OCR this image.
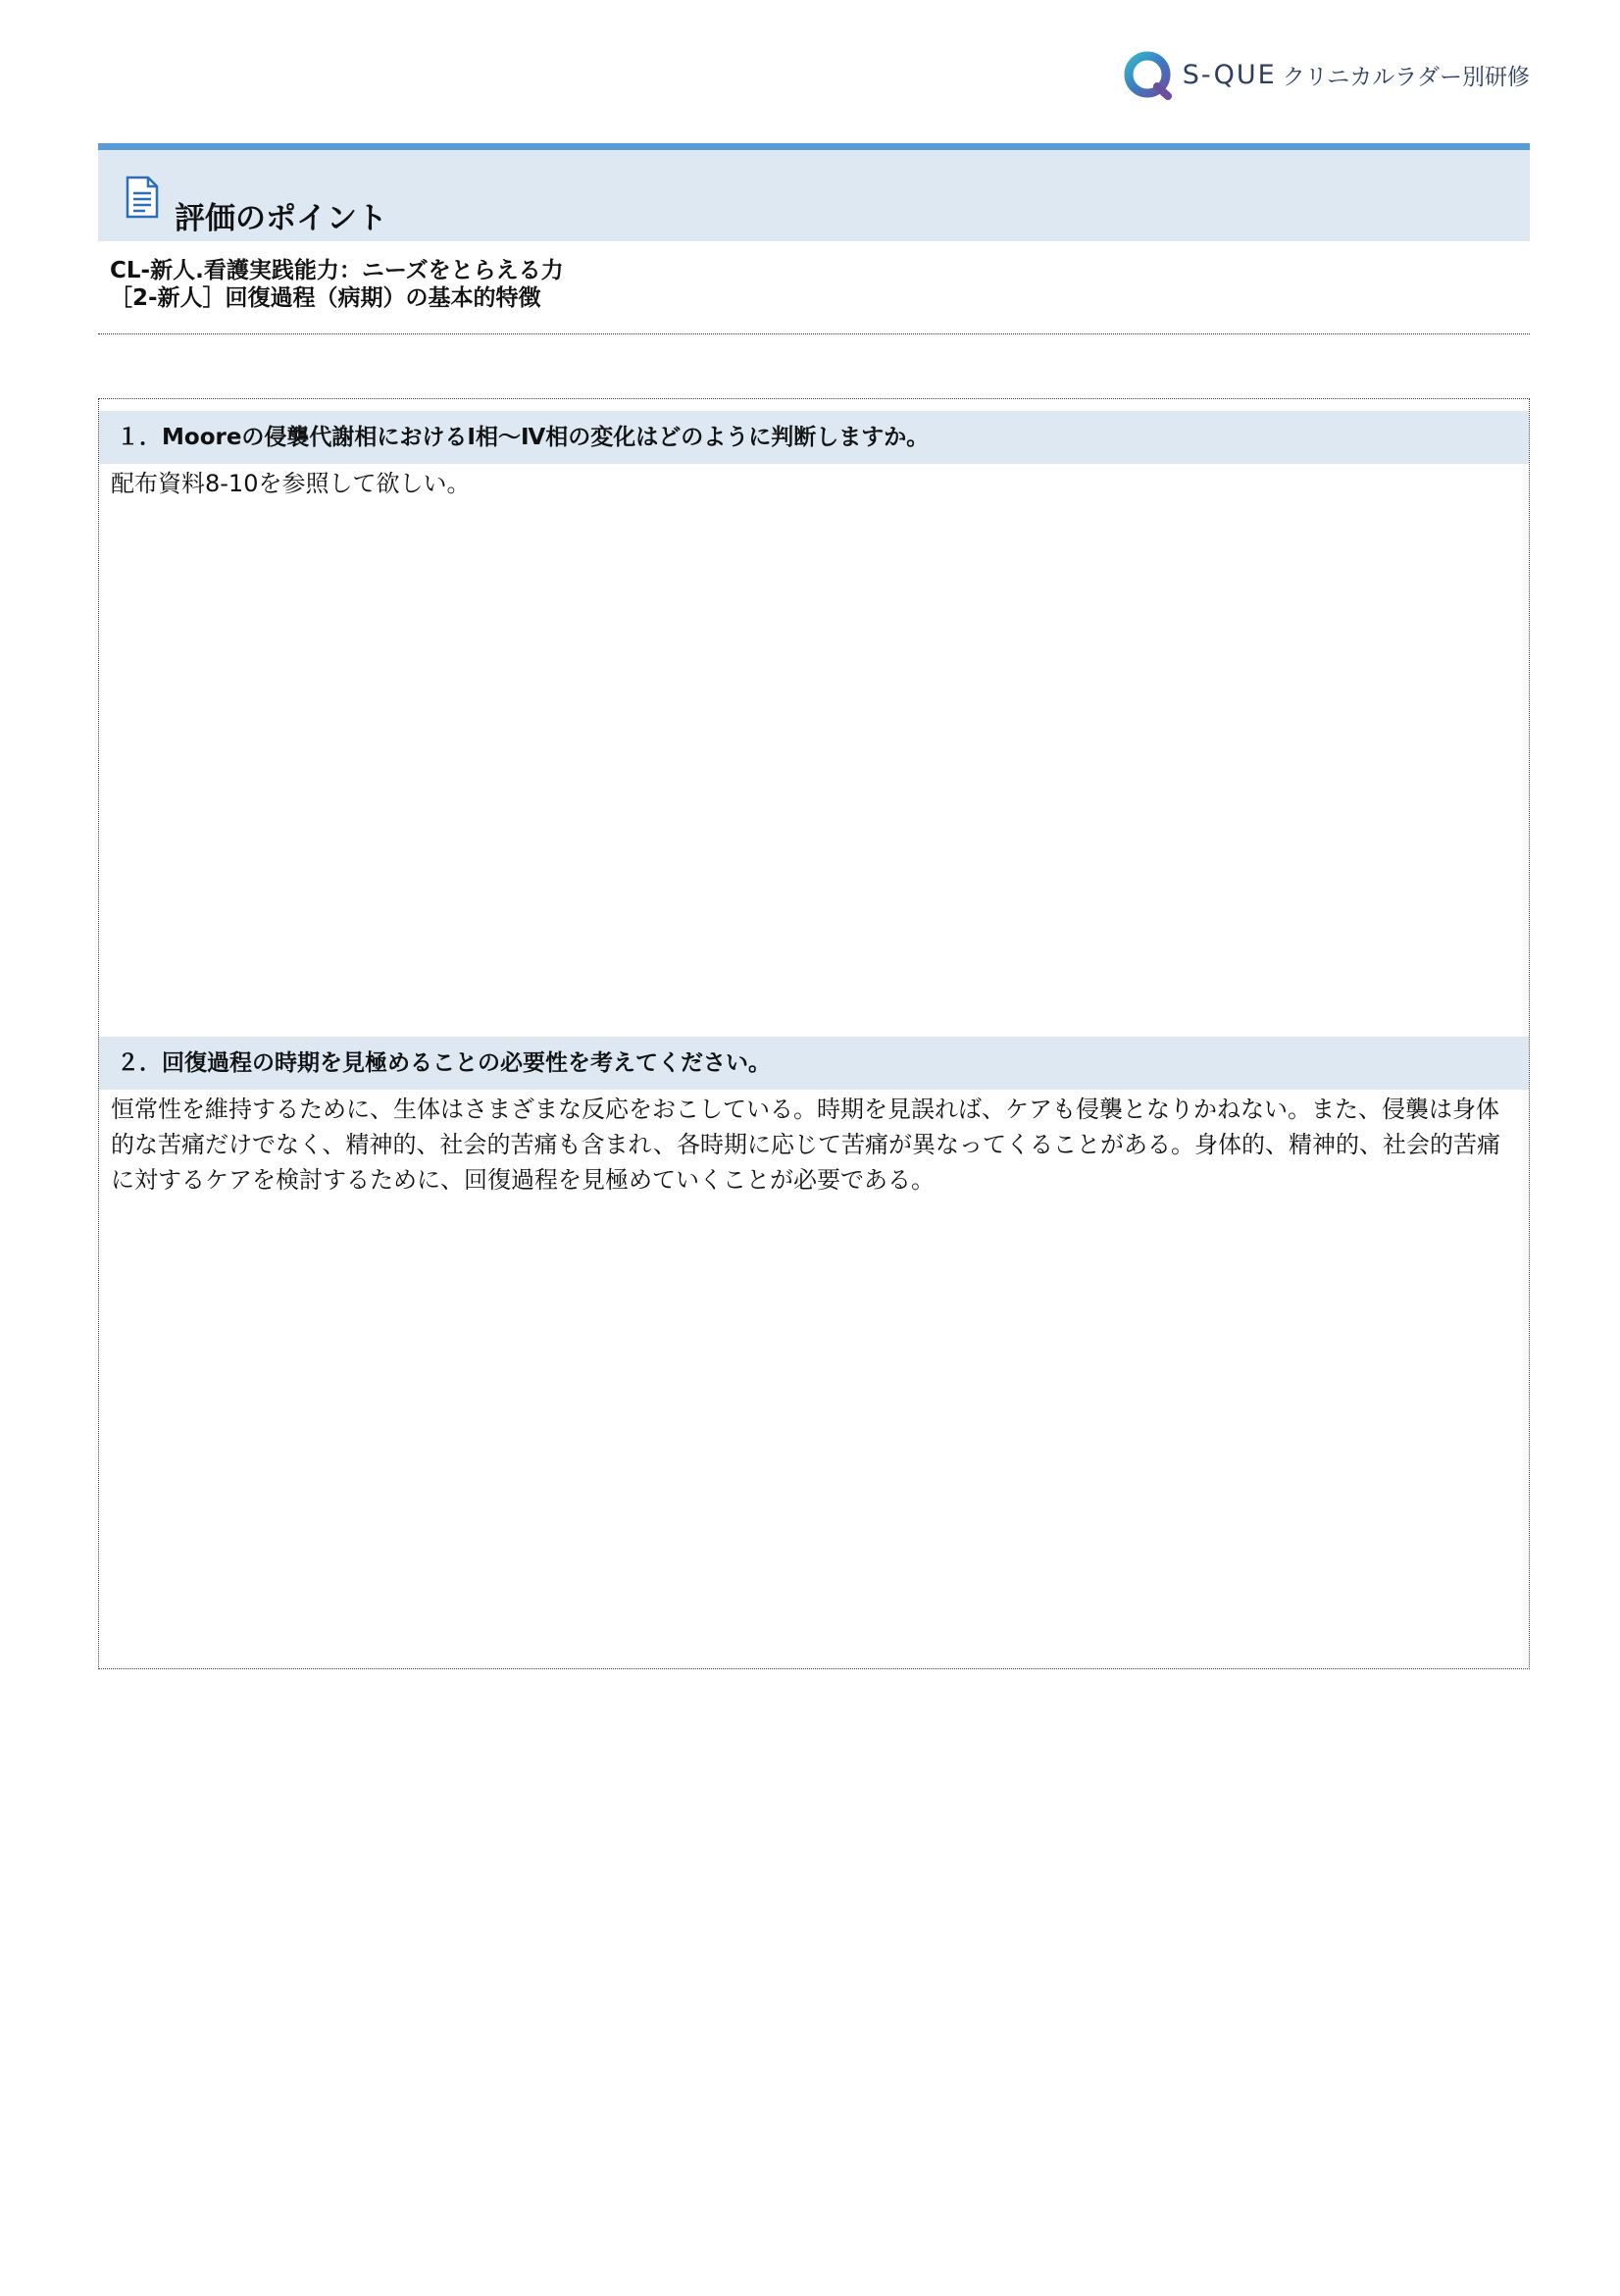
S-QUE クリニカルラダー別研修
評価のポイント
CL-新人.看護実践能力：ニーズをとらえる力
［2-新人］回復過程（病期）の基本的特徴
１．Mooreの侵襲代謝相におけるⅠ相～Ⅳ相の変化はどのように判断しますか。
配布資料8-10を参照して欲しい。
２．回復過程の時期を見極めることの必要性を考えてください。
恒常性を維持するために、生体はさまざまな反応をおこしている。時期を見誤れば、ケアも侵襲となりかねない。また、侵襲は身体的な苦痛だけでなく、精神的、社会的苦痛も含まれ、各時期に応じて苦痛が異なってくることがある。身体的、精神的、社会的苦痛に対するケアを検討するために、回復過程を見極めていくことが必要である。
